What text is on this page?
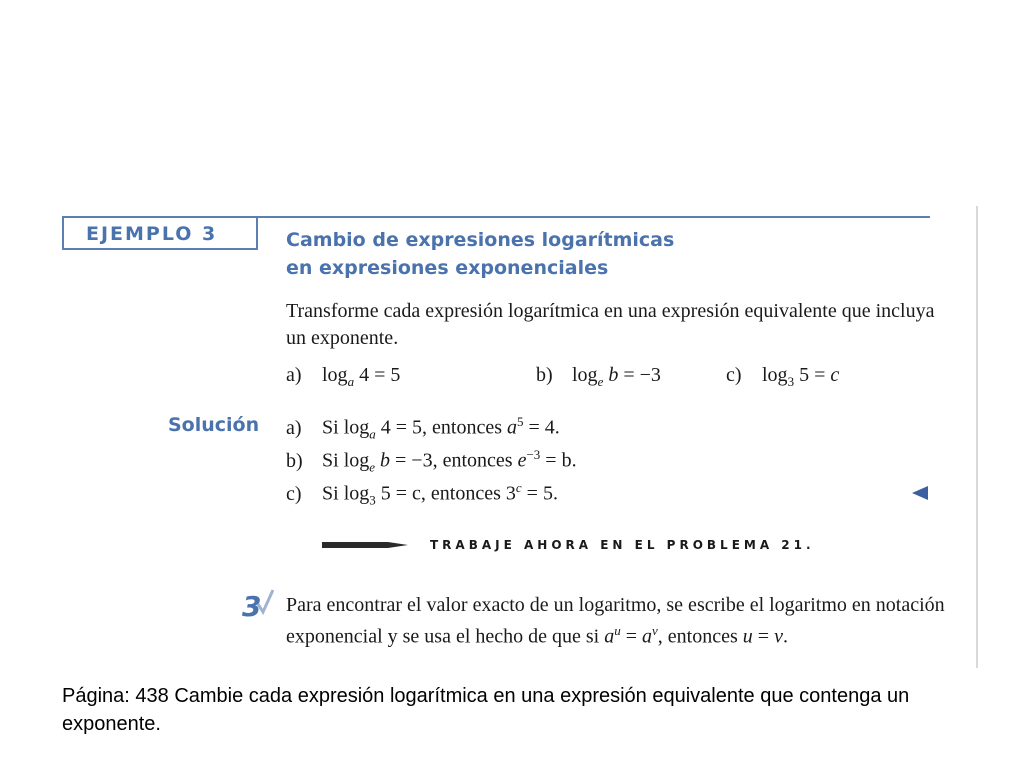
EJEMPLO 3	Cambio de expresiones logarítmicas
en expresiones exponenciales
Transforme cada expresión logarítmica en una expresión equivalente que incluya un exponente.
a) $\log_a 4 = 5$	b) $\log_e b = -3$	c) $\log_3 5 = c$
Solución a) Si $\log_a 4 = 5$, entonces $a^5 = 4$.
b) Si $\log_e b = -3$, entonces $e^{-3} = b$.
c) Si $\log_3 5 = c$, entonces $3^c = 5$.
TRABAJE AHORA EN EL PROBLEMA 21.
3 Para encontrar el valor exacto de un logaritmo, se escribe el logaritmo en notación exponencial y se usa el hecho de que si $a^u = a^v$, entonces u = v.
Página: 438 Cambie cada expresión logarítmica en una expresión equivalente que contenga un exponente.
